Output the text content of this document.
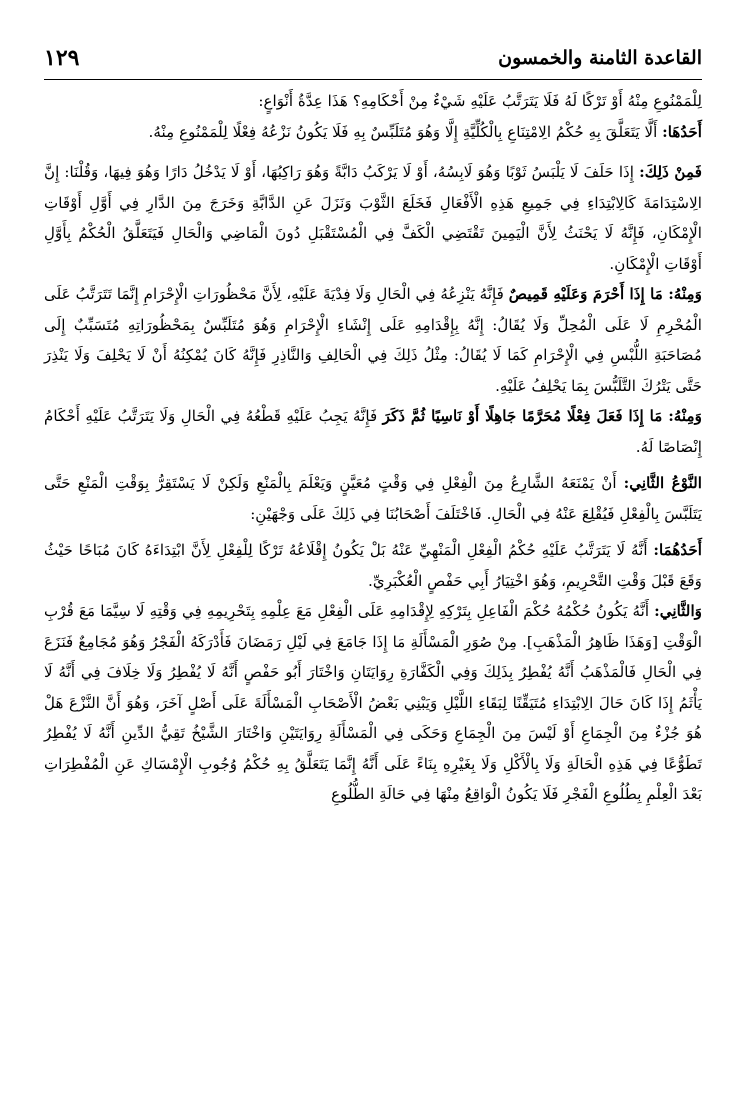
القاعدة الثامنة والخمسون
١٢٩

لِلْمَمْنُوعِ مِنْهُ أَوْ تَرْكًا لَهُ فَلَا يَتَرَتَّبُ عَلَيْهِ شَيْءٌ مِنْ أَحْكَامِهِ؟ هَذَا عِدَّةُ أَنْوَاعٍ:

أَحَدُهَا: أَلَّا يَتَعَلَّقَ بِهِ حُكْمُ الِامْتِنَاعِ بِالْكُلِّيَّةِ إِلَّا وَهُوَ مُتَلَبِّسٌ بِهِ فَلَا يَكُونُ نَزْعُهُ فِعْلًا لِلْمَمْنُوعِ مِنْهُ.

فَمِنْ ذَلِكَ: إِذَا حَلَفَ لَا يَلْبَسُ ثَوْبًا وَهُوَ لَابِسُهُ، أَوْ لَا يَرْكَبُ دَابَّةً وَهُوَ رَاكِبُهَا، أَوْ لَا يَدْخُلُ دَارًا وَهُوَ فِيهَا، وَقُلْنَا: إِنَّ الِاسْتِدَامَةَ كَالِابْتِدَاءِ فِي جَمِيعِ هَذِهِ الْأَفْعَالِ فَخَلَعَ الثَّوْبَ وَنَزَلَ عَنِ الدَّابَّةِ وَخَرَجَ مِنَ الدَّارِ فِي أَوَّلِ أَوْقَاتِ الْإِمْكَانِ، فَإِنَّهُ لَا يَحْنَثُ لِأَنَّ الْيَمِينَ تَقْتَضِي الْكَفَّ فِي الْمُسْتَقْبَلِ دُونَ الْمَاضِي وَالْحَالِ فَيَتَعَلَّقُ الْحُكْمُ بِأَوَّلِ أَوْقَاتِ الْإِمْكَانِ.

وَمِنْهُ: مَا إِذَا أَحْرَمَ وَعَلَيْهِ قَمِيصٌ فَإِنَّهُ يَنْزِعُهُ فِي الْحَالِ وَلَا فِدْيَةَ عَلَيْهِ، لِأَنَّ مَحْظُورَاتِ الْإِحْرَامِ إِنَّمَا تَتَرَتَّبُ عَلَى الْمُحْرِمِ لَا عَلَى الْمُحِلِّ وَلَا يُقَالُ: إِنَّهُ بِإِقْدَامِهِ عَلَى إِنْشَاءِ الْإِحْرَامِ وَهُوَ مُتَلَبِّسٌ بِمَحْظُورَاتِهِ مُتَسَبِّبٌ إِلَى مُصَاحَبَةِ اللُّبْسِ فِي الْإِحْرَامِ كَمَا لَا يُقَالُ: مِثْلُ ذَلِكَ فِي الْحَالِفِ وَالنَّاذِرِ فَإِنَّهُ كَانَ يُمْكِنُهُ أَنْ لَا يَحْلِفَ وَلَا يَنْذِرَ حَتَّى يَتْرُكَ التَّلَبُّسَ بِمَا يَحْلِفُ عَلَيْهِ.

وَمِنْهُ: مَا إِذَا فَعَلَ فِعْلًا مُحَرَّمًا جَاهِلًا أَوْ نَاسِيًا ثُمَّ ذَكَرَ فَإِنَّهُ يَجِبُ عَلَيْهِ قَطْعُهُ فِي الْحَالِ وَلَا يَتَرَتَّبُ عَلَيْهِ أَحْكَامُ إِنْصَاصًا لَهُ.

النَّوْعُ الثَّانِي: أَنْ يَمْنَعَهُ الشَّارِعُ مِنَ الْفِعْلِ فِي وَقْتٍ مُعَيَّنٍ وَيَعْلَمَ بِالْمَنْعِ وَلَكِنْ لَا يَسْتَقِرُّ بِوَقْتِ الْمَنْعِ حَتَّى يَتَلَبَّسَ بِالْفِعْلِ فَيُقْلِعَ عَنْهُ فِي الْحَالِ. فَاخْتَلَفَ أَصْحَابُنَا فِي ذَلِكَ عَلَى وَجْهَيْنِ:

أَحَدُهُمَا: أَنَّهُ لَا يَتَرَتَّبُ عَلَيْهِ حُكْمُ الْفِعْلِ الْمَنْهِيِّ عَنْهُ بَلْ يَكُونُ إِقْلَاعُهُ تَرْكًا لِلْفِعْلِ لِأَنَّ ابْتِدَاءَهُ كَانَ مُبَاحًا حَيْثُ وَقَعَ قَبْلَ وَقْتِ التَّحْرِيمِ، وَهُوَ اخْتِيَارُ أَبِي حَفْصٍ الْعُكْبَرِيِّ.

وَالثَّانِي: أَنَّهُ يَكُونُ حُكْمُهُ حُكْمَ الْفَاعِلِ بِتَرْكِهِ لِإِقْدَامِهِ عَلَى الْفِعْلِ مَعَ عِلْمِهِ بِتَحْرِيمِهِ فِي وَقْتِهِ لَا سِيَّمَا مَعَ قُرْبِ الْوَقْتِ [وَهَذَا ظَاهِرُ الْمَذْهَبِ]. مِنْ صُوَرِ الْمَسْأَلَةِ مَا إِذَا جَامَعَ فِي لَيْلِ رَمَضَانَ فَأَدْرَكَهُ الْفَجْرُ وَهُوَ مُجَامِعٌ فَنَزَعَ فِي الْحَالِ فَالْمَذْهَبُ أَنَّهُ يُفْطِرُ بِذَلِكَ وَفِي الْكَفَّارَةِ رِوَايَتَانِ وَاخْتَارَ أَبُو حَفْصٍ أَنَّهُ لَا يُفْطِرُ وَلَا خِلَافَ فِي أَنَّهُ لَا يَأْثَمُ إِذَا كَانَ حَالَ الِابْتِدَاءِ مُتَيَقِّنًا لِبَقَاءِ اللَّيْلِ وَيَبْنِي بَعْضُ الْأَصْحَابِ الْمَسْأَلَةَ عَلَى أَصْلٍ آخَرَ، وَهُوَ أَنَّ النَّزْعَ هَلْ هُوَ جُزْءٌ مِنَ الْجِمَاعِ أَوْ لَيْسَ مِنَ الْجِمَاعِ وَحَكَى فِي الْمَسْأَلَةِ رِوَايَتَيْنِ وَاخْتَارَ الشَّيْخُ تَقِيُّ الدِّينِ أَنَّهُ لَا يُفْطِرُ تَطَوُّعًا فِي هَذِهِ الْحَالَةِ وَلَا بِالْأَكْلِ وَلَا بِغَيْرِهِ بِنَاءً عَلَى أَنَّهُ إِنَّمَا يَتَعَلَّقُ بِهِ حُكْمُ وُجُوبِ الْإِمْسَاكِ عَنِ الْمُفْطِرَاتِ بَعْدَ الْعِلْمِ بِطُلُوعِ الْفَجْرِ فَلَا يَكُونُ الْوَاقِعُ مِنْهَا فِي حَالَةِ الطُّلُوعِ
